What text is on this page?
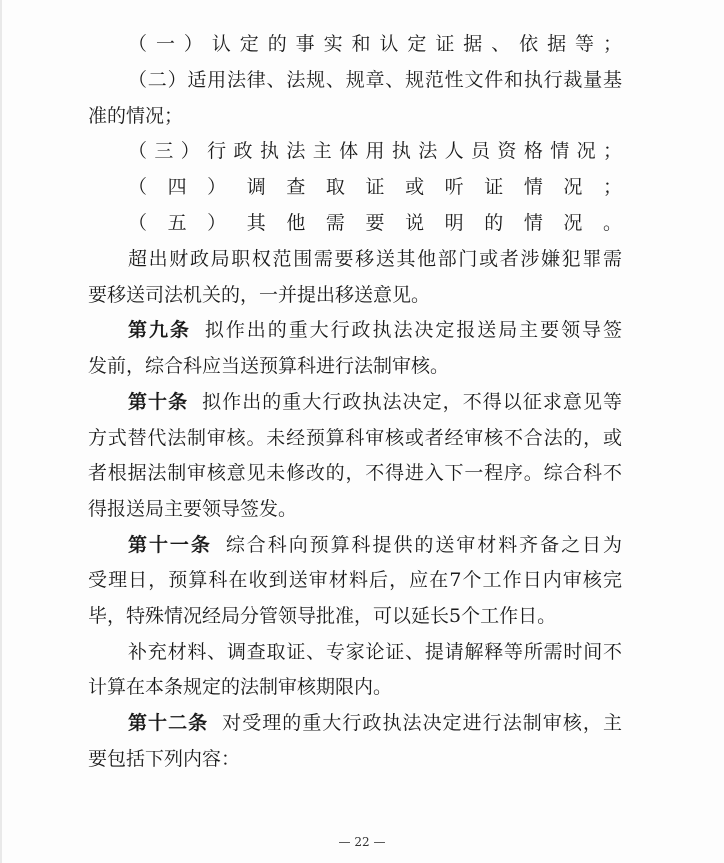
（一）认定的事实和认定证据、依据等；
（二）适用法律、法规、规章、规范性文件和执行裁量基
准的情况；
（三）行政执法主体用执法人员资格情况；
（四）调查取证或听证情况；
（五）其他需要说明的情况。
超出财政局职权范围需要移送其他部门或者涉嫌犯罪需
要移送司法机关的，一并提出移送意见。
第九条 拟作出的重大行政执法决定报送局主要领导签
发前，综合科应当送预算科进行法制审核。
第十条 拟作出的重大行政执法决定，不得以征求意见等
方式替代法制审核。未经预算科审核或者经审核不合法的，或
者根据法制审核意见未修改的，不得进入下一程序。综合科不
得报送局主要领导签发。
第十一条 综合科向预算科提供的送审材料齐备之日为
受理日，预算科在收到送审材料后，应在7个工作日内审核完
毕，特殊情况经局分管领导批准，可以延长5个工作日。
补充材料、调查取证、专家论证、提请解释等所需时间不
计算在本条规定的法制审核期限内。
第十二条 对受理的重大行政执法决定进行法制审核，主
要包括下列内容：
— 22 —
